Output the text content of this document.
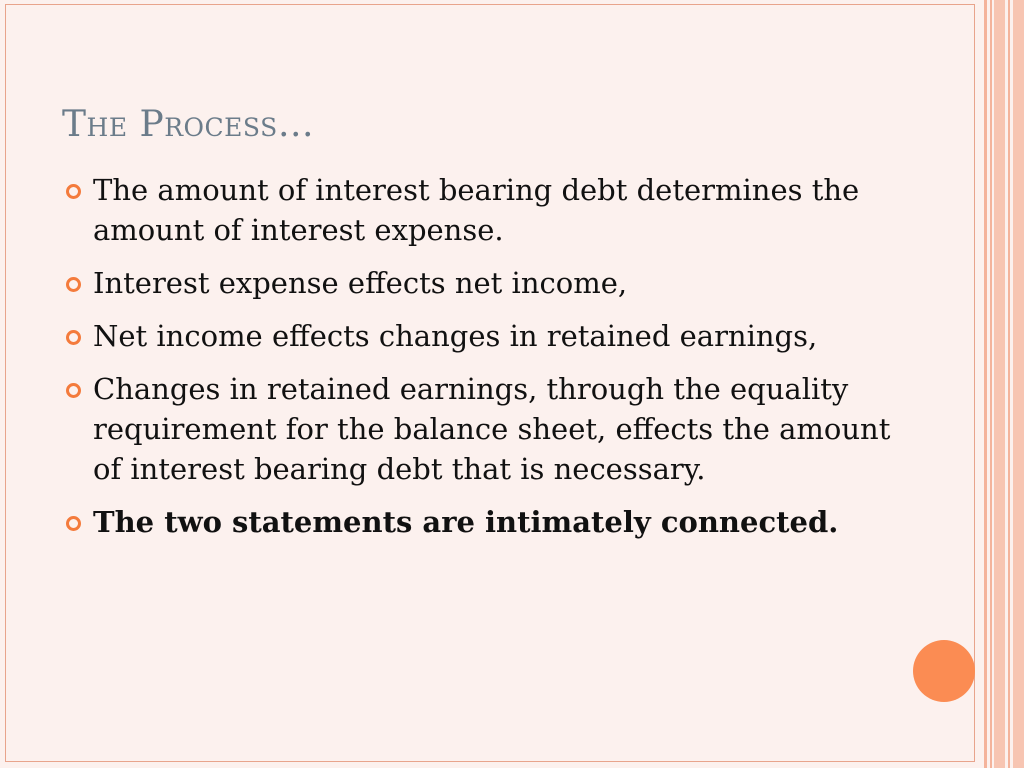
The Process…
The amount of interest bearing debt determines the amount of interest expense.
Interest expense effects net income,
Net income effects changes in retained earnings,
Changes in retained earnings, through the equality requirement for the balance sheet, effects the amount of interest bearing debt that is necessary.
The two statements are intimately connected.
